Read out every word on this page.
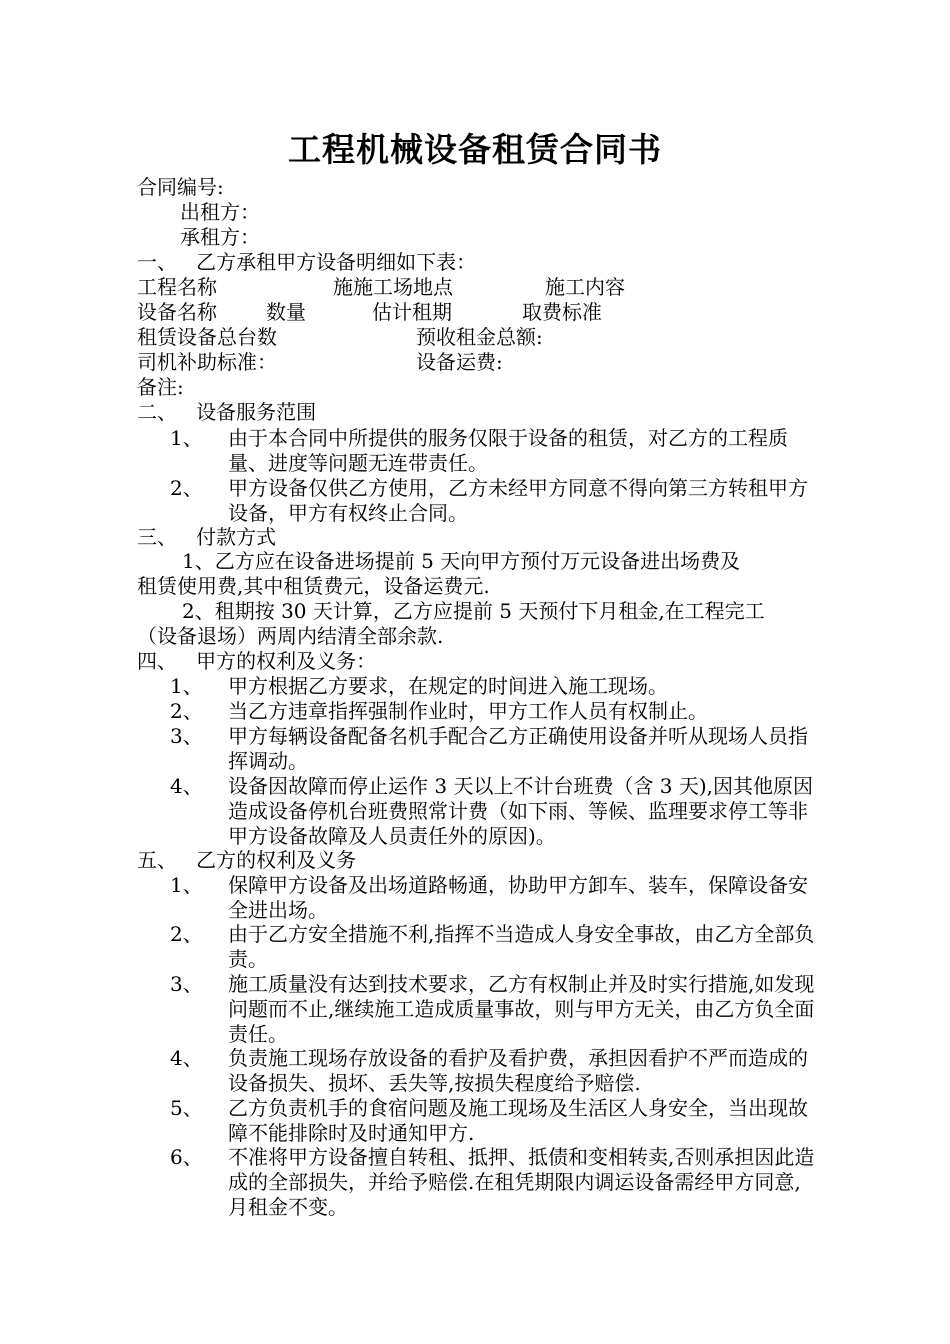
工程机械设备租赁合同书
合同编号:
出租方：
承租方：
一、   乙方承租甲方设备明细如下表：
工程名称	施施工场地点	施工内容
设备名称 数量	估计租期	取费标准
租赁设备总台数	预收租金总额:
司机补助标准：	设备运费:
备注:
二、   设备服务范围
1、 由于本合同中所提供的服务仅限于设备的租赁，对乙方的工程质量、进度等问题无连带责任。
2、 甲方设备仅供乙方使用，乙方未经甲方同意不得向第三方转租甲方设备，甲方有权终止合同。
三、   付款方式
1、乙方应在设备进场提前 5 天向甲方预付万元设备进出场费及
租赁使用费,其中租赁费元，设备运费元.
2、租期按 30 天计算，乙方应提前 5 天预付下月租金,在工程完工
（设备退场）两周内结清全部余款.
四、   甲方的权利及义务：
1、 甲方根据乙方要求，在规定的时间进入施工现场。
2、 当乙方违章指挥强制作业时，甲方工作人员有权制止。
3、 甲方每辆设备配备名机手配合乙方正确使用设备并听从现场人员指挥调动。
4、 设备因故障而停止运作 3 天以上不计台班费（含 3 天),因其他原因造成设备停机台班费照常计费（如下雨、等候、监理要求停工等非甲方设备故障及人员责任外的原因)。
五、   乙方的权利及义务
1、 保障甲方设备及出场道路畅通，协助甲方卸车、装车，保障设备安全进出场。
2、 由于乙方安全措施不利,指挥不当造成人身安全事故，由乙方全部负责。
3、 施工质量没有达到技术要求，乙方有权制止并及时实行措施,如发现问题而不止,继续施工造成质量事故，则与甲方无关，由乙方负全面责任。
4、 负责施工现场存放设备的看护及看护费，承担因看护不严而造成的设备损失、损坏、丢失等,按损失程度给予赔偿.
5、 乙方负责机手的食宿问题及施工现场及生活区人身安全，当出现故障不能排除时及时通知甲方.
6、 不准将甲方设备擅自转租、抵押、抵债和变相转卖,否则承担因此造成的全部损失，并给予赔偿.在租凭期限内调运设备需经甲方同意,月租金不变。
